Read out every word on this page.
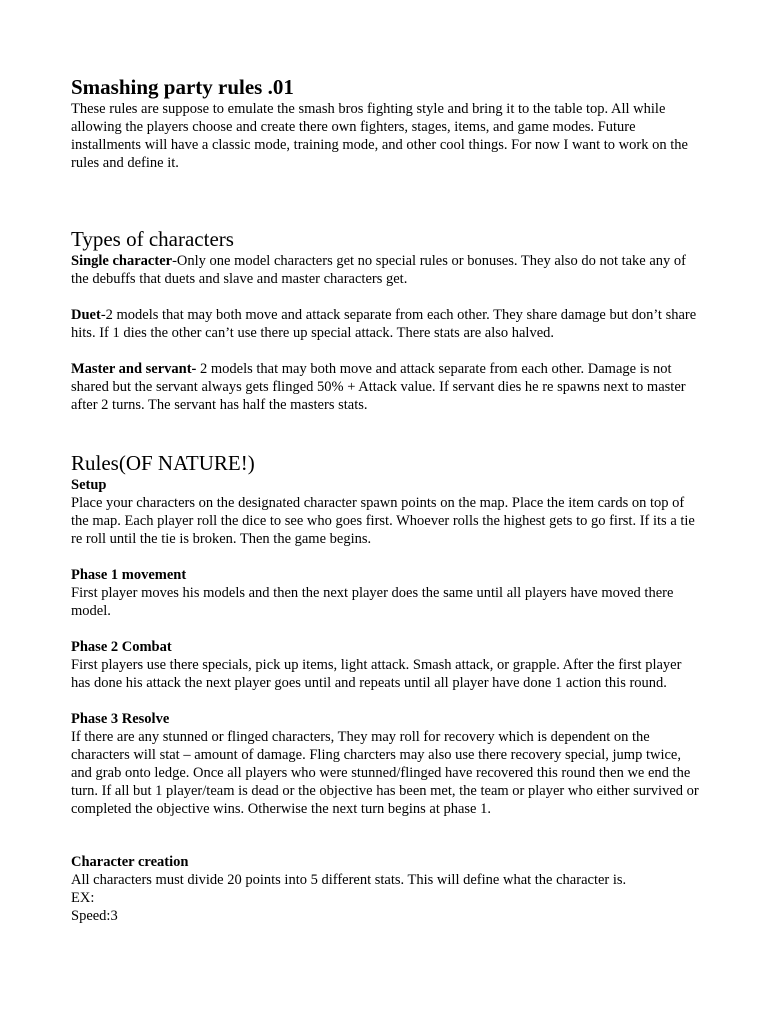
Smashing party rules .01

These rules are suppose to emulate the smash bros fighting style and bring it to the table top. All while allowing the players choose and create there own fighters, stages, items, and game modes. Future installments will have a classic mode, training mode, and other cool things. For now I want to work on the rules and define it.

Types of characters

Single character-Only one model characters get no special rules or bonuses. They also do not take any of the debuffs that duets and slave and master characters get.

Duet-2 models that may both move and attack separate from each other. They share damage but don’t share hits. If 1 dies the other can’t use there up special attack. There stats are also halved.

Master and servant- 2 models that may both move and attack separate from each other. Damage is not shared but the servant always gets flinged 50% + Attack value. If servant dies he re spawns next to master after 2 turns. The servant has half the masters stats.

Rules(OF NATURE!)

Setup

Place your characters on the designated character spawn points on the map. Place the item cards on top of the map. Each player roll the dice to see who goes first. Whoever rolls the highest gets to go first. If its a tie re roll until the tie is broken. Then the game begins.

Phase 1 movement

First player moves his models and then the next player does the same until all players have moved there model.

Phase 2 Combat

First players use there specials, pick up items, light attack. Smash attack, or grapple. After the first player has done his attack the next player goes until and repeats until all player have done 1 action this round.

Phase 3 Resolve

If there are any stunned or flinged characters, They may roll for recovery which is dependent on the characters will stat – amount of damage. Fling charcters may also use there recovery special, jump twice, and grab onto ledge. Once all players who were stunned/flinged have recovered this round then we end the turn. If all but 1 player/team is dead or the objective has been met, the team or player who either survived or completed the objective wins. Otherwise the next turn begins at phase 1.

Character creation

All characters must divide 20 points into 5 different stats. This will define what the character is.

EX:

Speed:3
